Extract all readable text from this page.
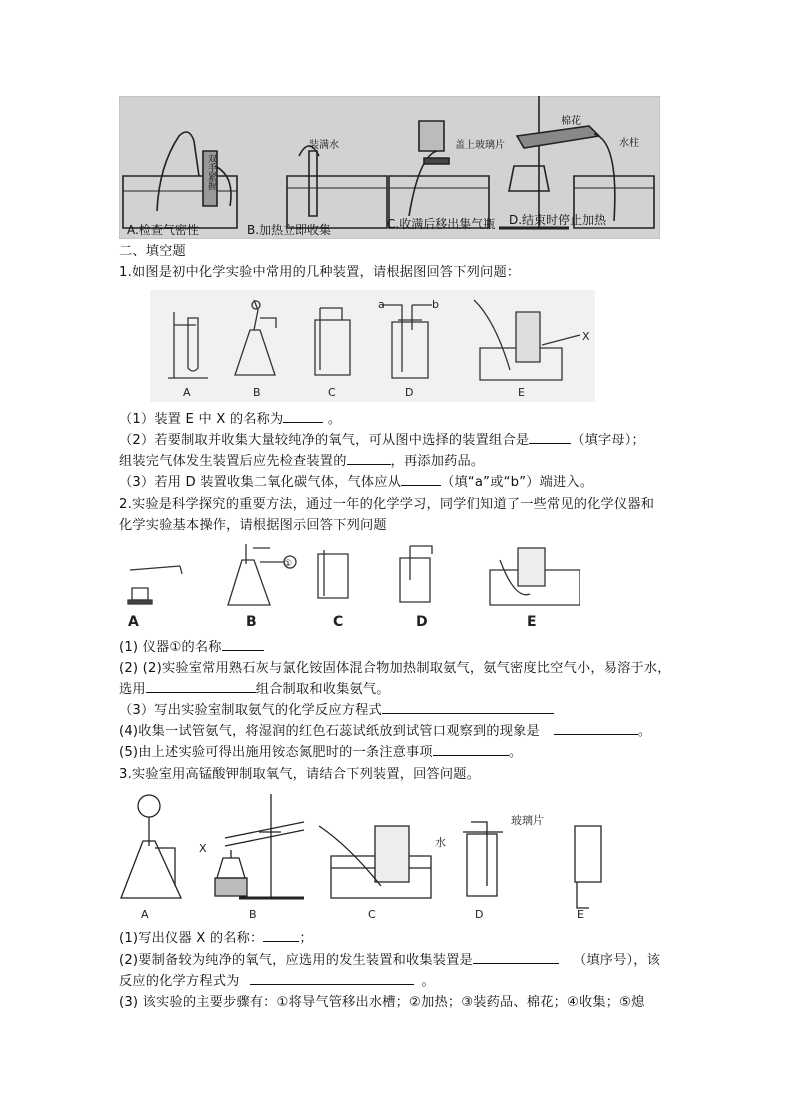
A.检查气密性
双手紧握
B.加热立即收集
装满水
C.收满后移出集气瓶
盖上玻璃片
D.结束时停止加热
棉花
水柱
二、填空题
1.如图是初中化学实验中常用的几种装置，请根据图回答下列问题：
a	b
X
A	B	C	D	E
（1）装置 E 中 X 的名称为	。
（2）若要制取并收集大量较纯净的氧气，可从图中选择的装置组合是	（填字母）；
组装完气体发生装置后应先检查装置的	，再添加药品。
（3）若用 D 装置收集二氧化碳气体，气体应从	（填“a”或“b”）端进入。
2.实验是科学探究的重要方法，通过一年的化学学习，同学们知道了一些常见的化学仪器和
化学实验基本操作，请根据图示回答下列问题
A	B	C	D	E
①
(1) 仪器①的名称
(2) (2)实验室常用熟石灰与氯化铵固体混合物加热制取氨气，氨气密度比空气小，易溶于水，
选用	组合制取和收集氨气。
（3）写出实验室制取氨气的化学反应方程式
(4)收集一试管氨气，将湿润的红色石蕊试纸放到试管口观察到的现象是	。
(5)由上述实验可得出施用铵态氮肥时的一条注意事项	。
3.实验室用高锰酸钾制取氧气，请结合下列装置，回答问题。
A	B	C	D	E
X	水
玻璃片
(1)写出仪器 X 的名称：	；
(2)要制备较为纯净的氧气，应选用的发生装置和收集装置是	（填序号），该
反应的化学方程式为	。
(3) 该实验的主要步骤有：①将导气管移出水槽；②加热；③装药品、棉花；④收集；⑤熄
